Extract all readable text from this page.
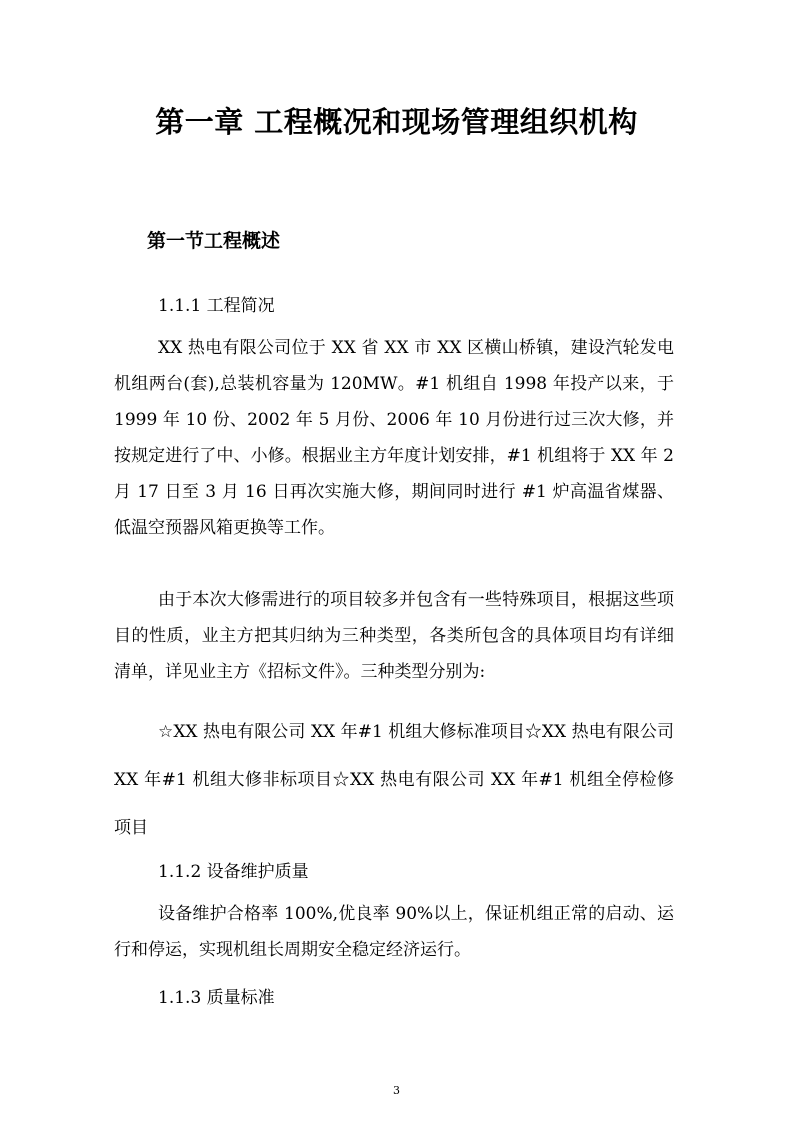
第一章 工程概况和现场管理组织机构
第一节工程概述

1.1.1 工程简况

XX 热电有限公司位于 XX 省 XX 市 XX 区横山桥镇，建设汽轮发电机组两台(套),总装机容量为 120MW。#1 机组自 1998 年投产以来，于 1999 年 10 份、2002 年 5 月份、2006 年 10 月份进行过三次大修，并按规定进行了中、小修。根据业主方年度计划安排，#1 机组将于 XX 年 2 月 17 日至 3 月 16 日再次实施大修，期间同时进行 #1 炉高温省煤器、低温空预器风箱更换等工作。

由于本次大修需进行的项目较多并包含有一些特殊项目，根据这些项目的性质，业主方把其归纳为三种类型，各类所包含的具体项目均有详细清单，详见业主方《招标文件》。三种类型分别为:

☆XX 热电有限公司 XX 年#1 机组大修标准项目☆XX 热电有限公司 XX 年#1 机组大修非标项目☆XX 热电有限公司 XX 年#1 机组全停检修项目

1.1.2 设备维护质量

设备维护合格率 100%,优良率 90%以上，保证机组正常的启动、运行和停运，实现机组长周期安全稳定经济运行。

1.1.3 质量标准

3
